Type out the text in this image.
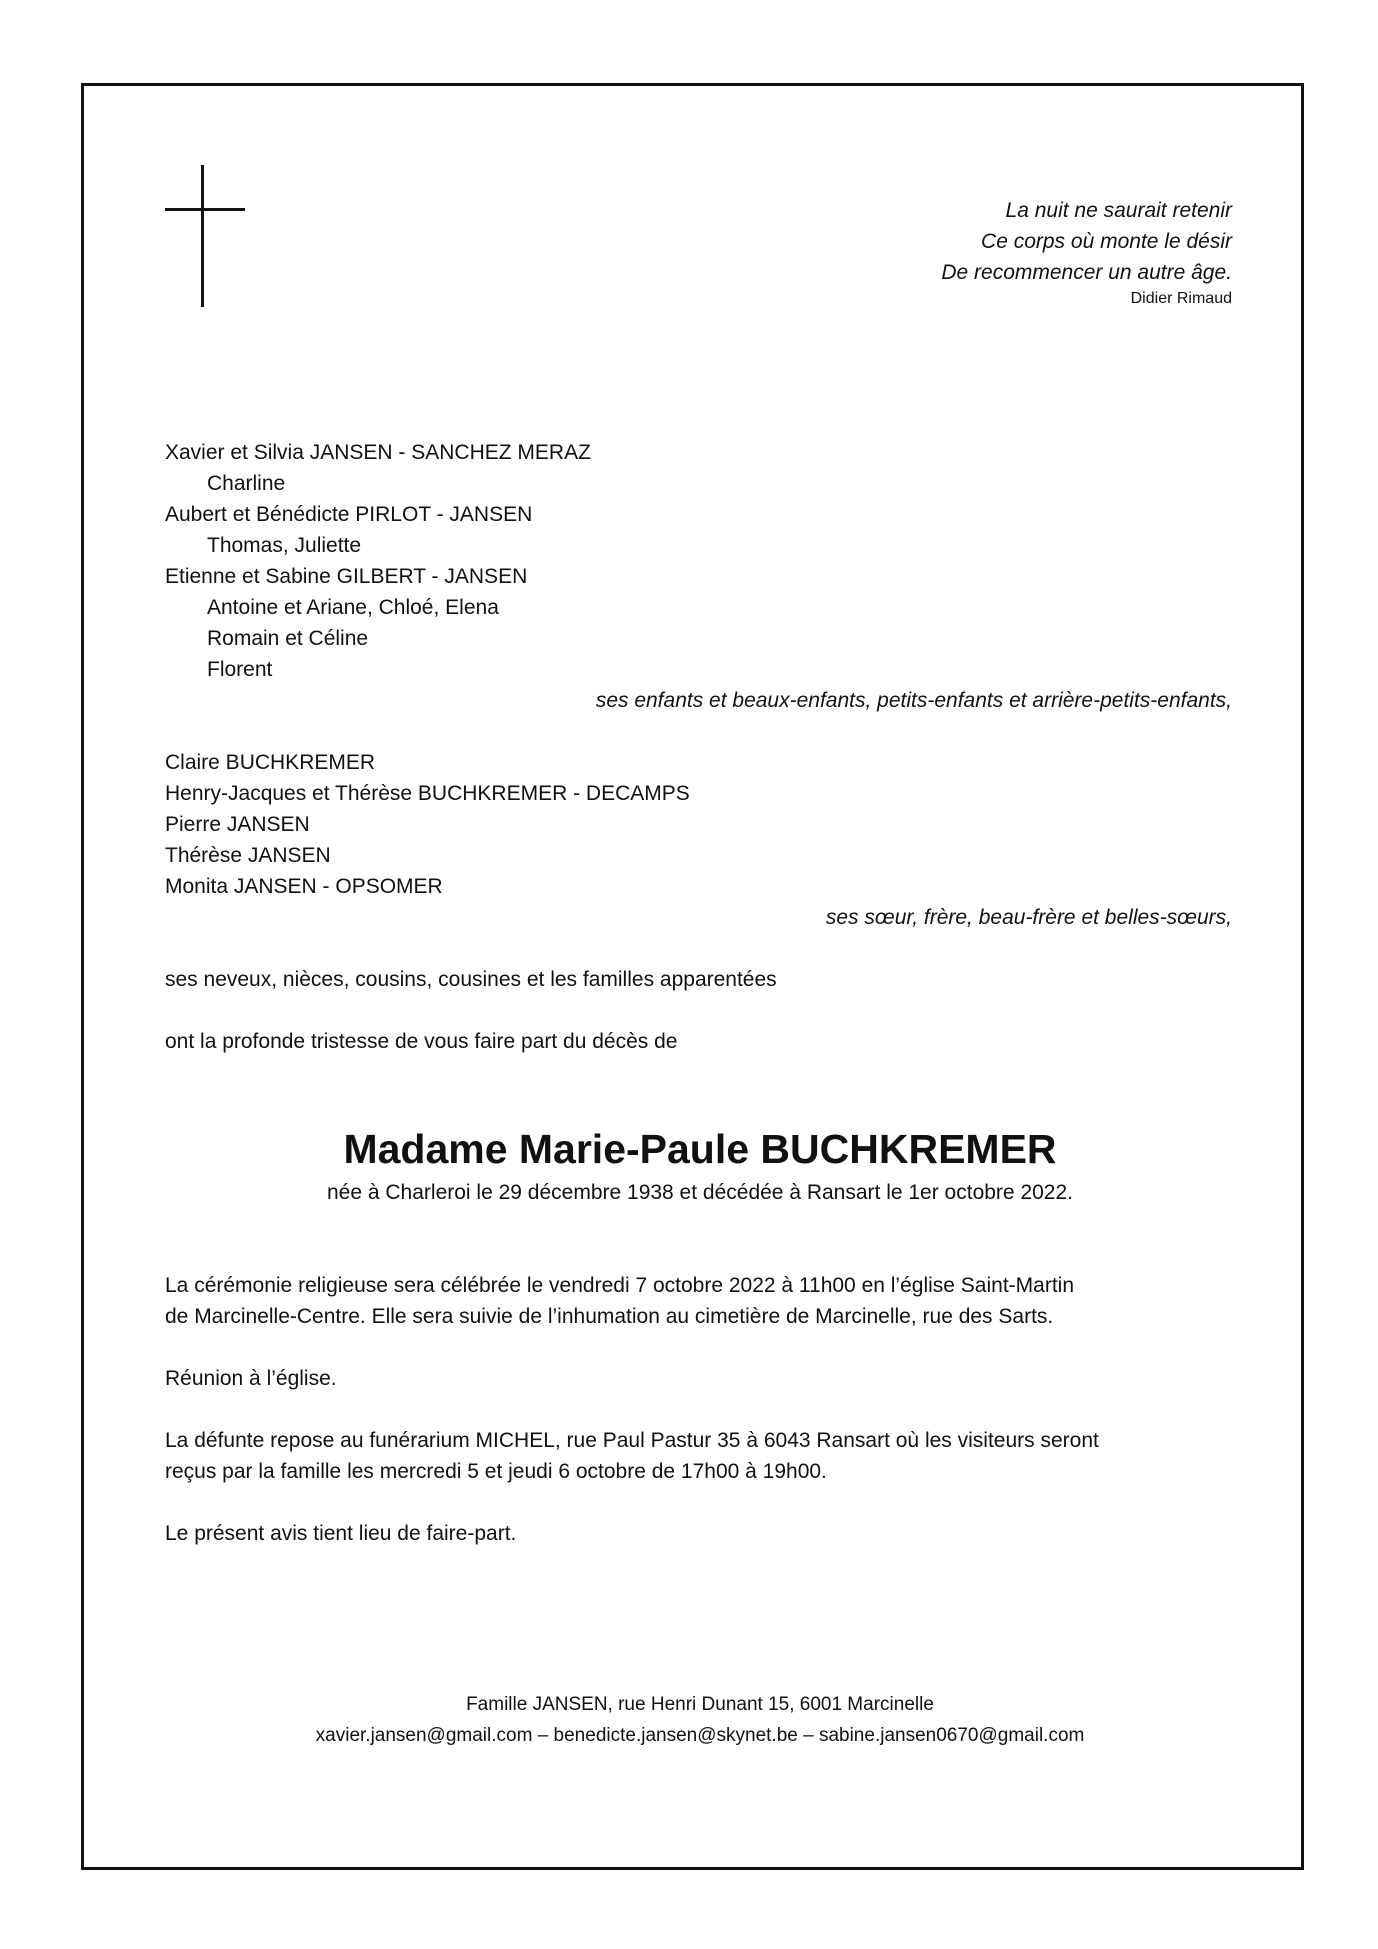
La nuit ne saurait retenir
Ce corps où monte le désir
De recommencer un autre âge.
Didier Rimaud
Xavier et Silvia JANSEN - SANCHEZ MERAZ
Charline
Aubert et Bénédicte PIRLOT - JANSEN
Thomas, Juliette
Etienne et Sabine GILBERT - JANSEN
Antoine et Ariane, Chloé, Elena
Romain et Céline
Florent
ses enfants et beaux-enfants, petits-enfants et arrière-petits-enfants,
Claire BUCHKREMER
Henry-Jacques et Thérèse BUCHKREMER - DECAMPS
Pierre JANSEN
Thérèse JANSEN
Monita JANSEN - OPSOMER
ses sœur, frère, beau-frère et belles-sœurs,
ses neveux, nièces, cousins, cousines et les familles apparentées
ont la profonde tristesse de vous faire part du décès de
Madame Marie-Paule BUCHKREMER
née à Charleroi le 29 décembre 1938 et décédée à Ransart le 1er octobre 2022.
La cérémonie religieuse sera célébrée le vendredi 7 octobre 2022 à 11h00 en l’église Saint-Martin
de Marcinelle-Centre. Elle sera suivie de l’inhumation au cimetière de Marcinelle, rue des Sarts.
Réunion à l’église.
La défunte repose au funérarium MICHEL, rue Paul Pastur 35 à 6043 Ransart où les visiteurs seront
reçus par la famille les mercredi 5 et jeudi 6 octobre de 17h00 à 19h00.
Le présent avis tient lieu de faire-part.
Famille JANSEN, rue Henri Dunant 15, 6001 Marcinelle
xavier.jansen@gmail.com – benedicte.jansen@skynet.be – sabine.jansen0670@gmail.com
